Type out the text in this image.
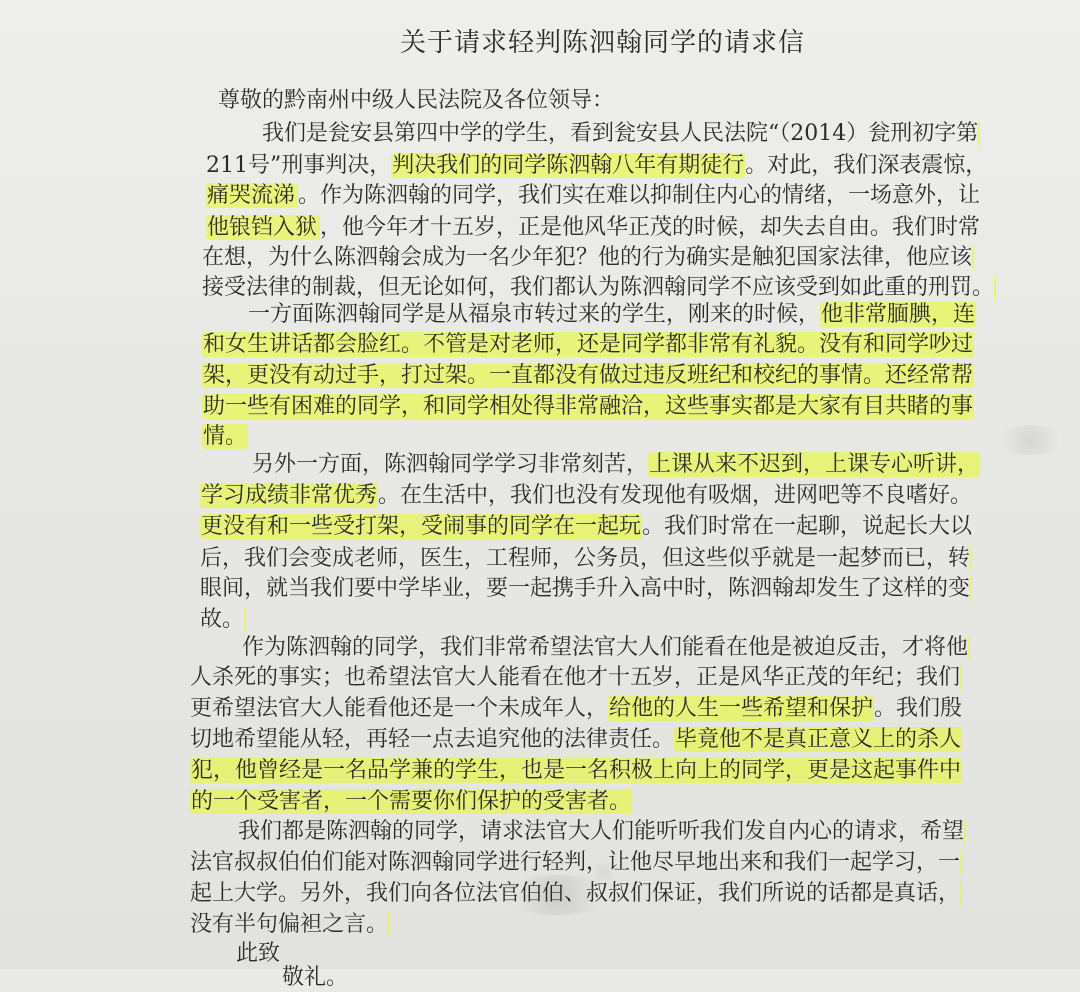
关于请求轻判陈泗翰同学的请求信
尊敬的黔南州中级人民法院及各位领导：
我们是瓮安县第四中学的学生，看到瓮安县人民法院“（2014）瓮刑初字第
211号”刑事判决，判决我们的同学陈泗翰八年有期徒行。对此，我们深表震惊，
痛哭流涕 。作为陈泗翰的同学，我们实在难以抑制住内心的情绪，一场意外，让
他锒铛入狱 ，他今年才十五岁，正是他风华正茂的时候，却失去自由。我们时常
在想，为什么陈泗翰会成为一名少年犯？他的行为确实是触犯国家法律，他应该
接受法律的制裁，但无论如何，我们都认为陈泗翰同学不应该受到如此重的刑罚。
一方面陈泗翰同学是从福泉市转过来的学生，刚来的时候，他非常腼腆，连
和女生讲话都会脸红。不管是对老师，还是同学都非常有礼貌。没有和同学吵过
架，更没有动过手，打过架。一直都没有做过违反班纪和校纪的事情。还经常帮
助一些有困难的同学，和同学相处得非常融洽，这些事实都是大家有目共睹的事
情。
另外一方面，陈泗翰同学学习非常刻苦，上课从来不迟到，上课专心听讲，
学习成绩非常优秀。在生活中，我们也没有发现他有吸烟，进网吧等不良嗜好。
更没有和一些受打架，受闹事的同学在一起玩。我们时常在一起聊，说起长大以
后，我们会变成老师，医生，工程师，公务员，但这些似乎就是一起梦而已，转
眼间，就当我们要中学毕业，要一起携手升入高中时，陈泗翰却发生了这样的变
故。
作为陈泗翰的同学，我们非常希望法官大人们能看在他是被迫反击，才将他
人杀死的事实；也希望法官大人能看在他才十五岁，正是风华正茂的年纪；我们
更希望法官大人能看他还是一个未成年人，给他的人生一些希望和保护。我们殷
切地希望能从轻，再轻一点去追究他的法律责任。毕竟他不是真正意义上的杀人
犯，他曾经是一名品学兼的学生，也是一名积极上向上的同学，更是这起事件中
的一个受害者，一个需要你们保护的受害者。
我们都是陈泗翰的同学，请求法官大人们能听听我们发自内心的请求，希望
法官叔叔伯伯们能对陈泗翰同学进行轻判，让他尽早地出来和我们一起学习，一
起上大学。另外，我们向各位法官伯伯、叔叔们保证，我们所说的话都是真话，
没有半句偏袒之言。
此致
敬礼。
